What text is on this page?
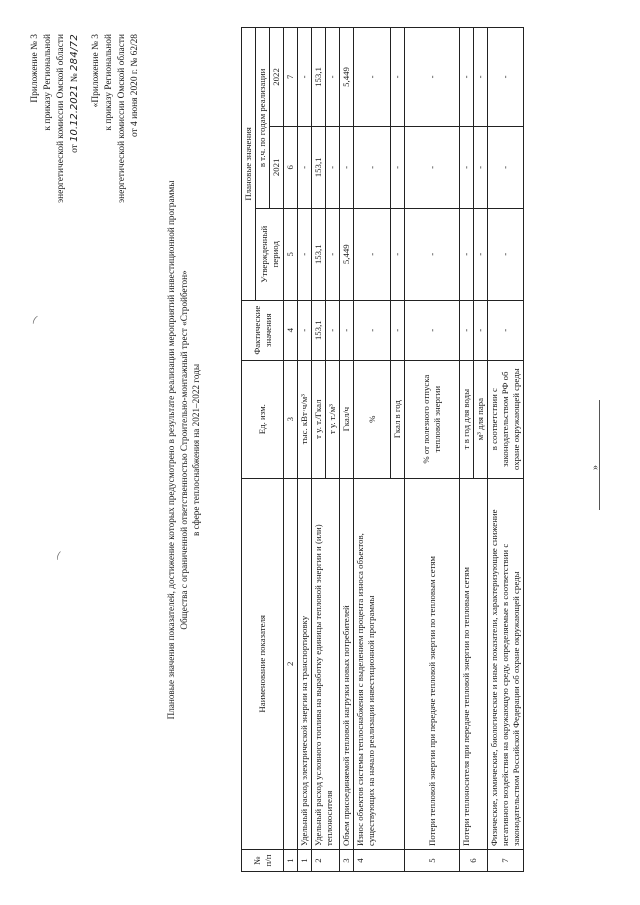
⁀
⁀
Приложение № 3 к приказу Региональной энергетической комиссии Омской области от 10.12.2021 № 284/72 «Приложение № 3 к приказу Региональной энергетической комиссии Омской области от 4 июня 2020 г. № 62/28
Плановые значения показателей, достижение которых предусмотрено в результате реализации мероприятий инвестиционной программы Общества с ограниченной ответственностью Строительно-монтажный трест «Стройбетон» в сфере теплоснабжения на 2021–2022 годы
№ п/п	Наименование показателя	Ед. изм.	Фактические значения	Плановые значения		
				Утвержденный период	в т.ч. по годам реализации	
					2021	2022
1	2	3	4	5	6	7
1	Удельный расход электрической энергии на транспортировку	тыс. кВт·ч/м³	-	-	-	-
2	Удельный расход условного топлива на выработку единицы тепловой энергии и (или) теплоносителя	т у. т./Гкал	153,1	153,1	153,1	153,1
		т у. т./м³	-	-	-	-
3	Объем присоединяемой тепловой нагрузки новых потребителей	Гкал/ч	-	5,449	-	5,449
4	Износ объектов системы теплоснабжения с выделением процента износа объектов, существующих на начало реализации инвестиционной программы	%	-	-	-	-
		Гкал в год	-	-	-	-
5	Потери тепловой энергии при передаче тепловой энергии по тепловым сетям	% от полезного отпуска тепловой энергии	-	-	-	-
6	Потери теплоносителя при передаче тепловой энергии по тепловым сетям	т в год для воды	-	-	-	-
		м³ для пара	-	-	-	-
7	Физические, химические, биологические и иные показатели, характеризующие снижение негативного воздействия на окружающую среду, определяемые в соответствии с законодательством Российской Федерации об охране окружающей среды	в соответствии с законодательством РФ об охране окружающей среды	-	-	-	-
»
